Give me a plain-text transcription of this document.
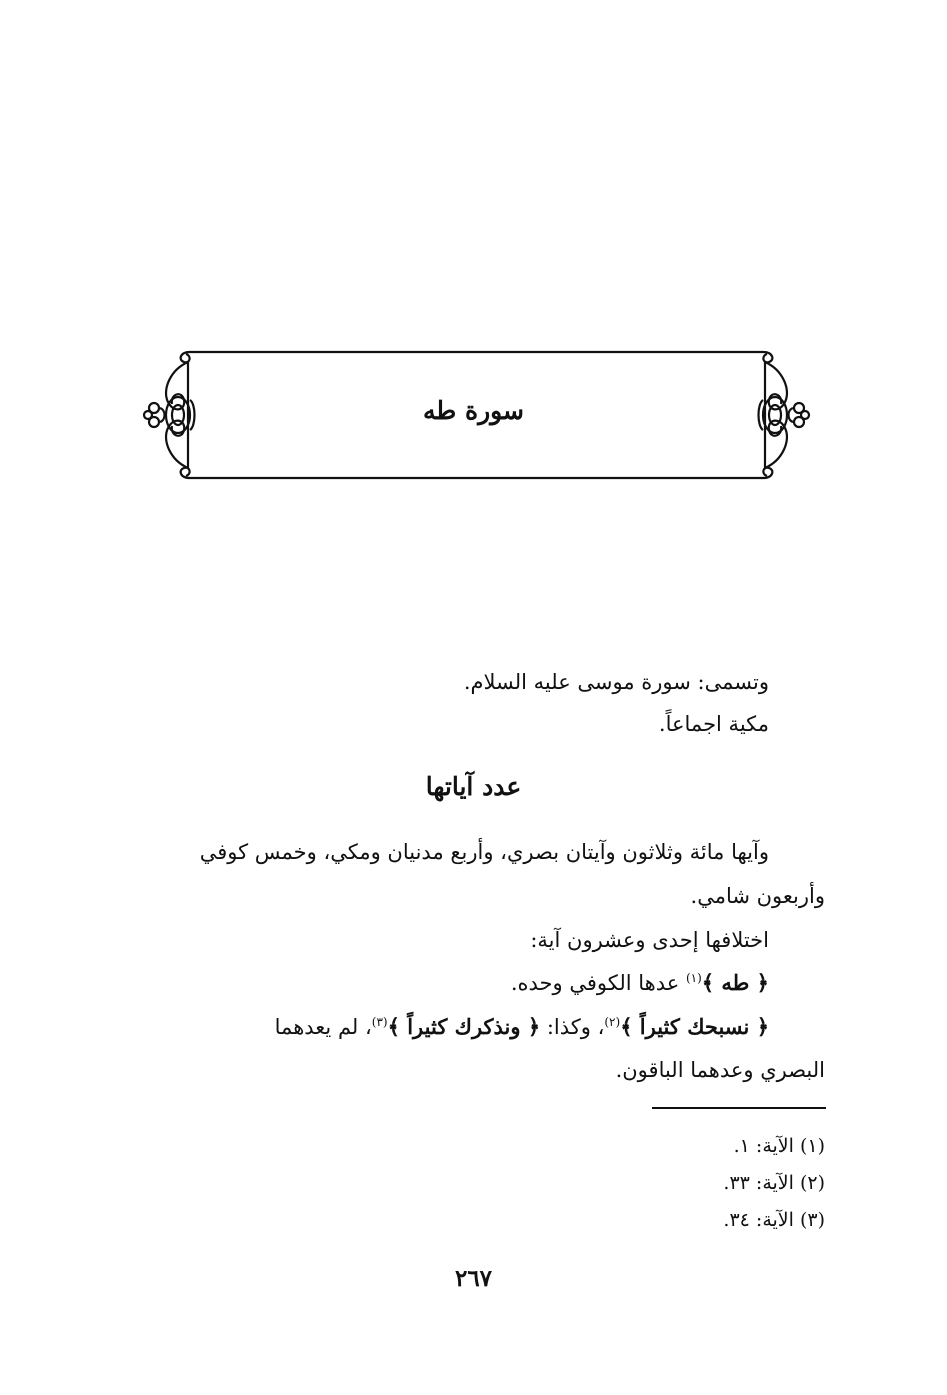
سورة طه
وتسمى: سورة موسى عليه السلام.
مكية اجماعاً.
عدد آياتها
وآيها مائة وثلاثون وآيتان بصري، وأربع مدنيان ومكي، وخمس كوفي
وأربعون شامي.
اختلافها إحدى وعشرون آية:
﴿ طه ﴾$^{(١)}$ عدها الكوفي وحده.
﴿ نسبحك كثيراً ﴾$^{(٢)}$، وكذا: ﴿ ونذكرك كثيراً ﴾$^{(٣)}$، لم يعدهما
البصري وعدهما الباقون.
(١) الآية: ١.
(٢) الآية: ٣٣.
(٣) الآية: ٣٤.
٢٦٧
